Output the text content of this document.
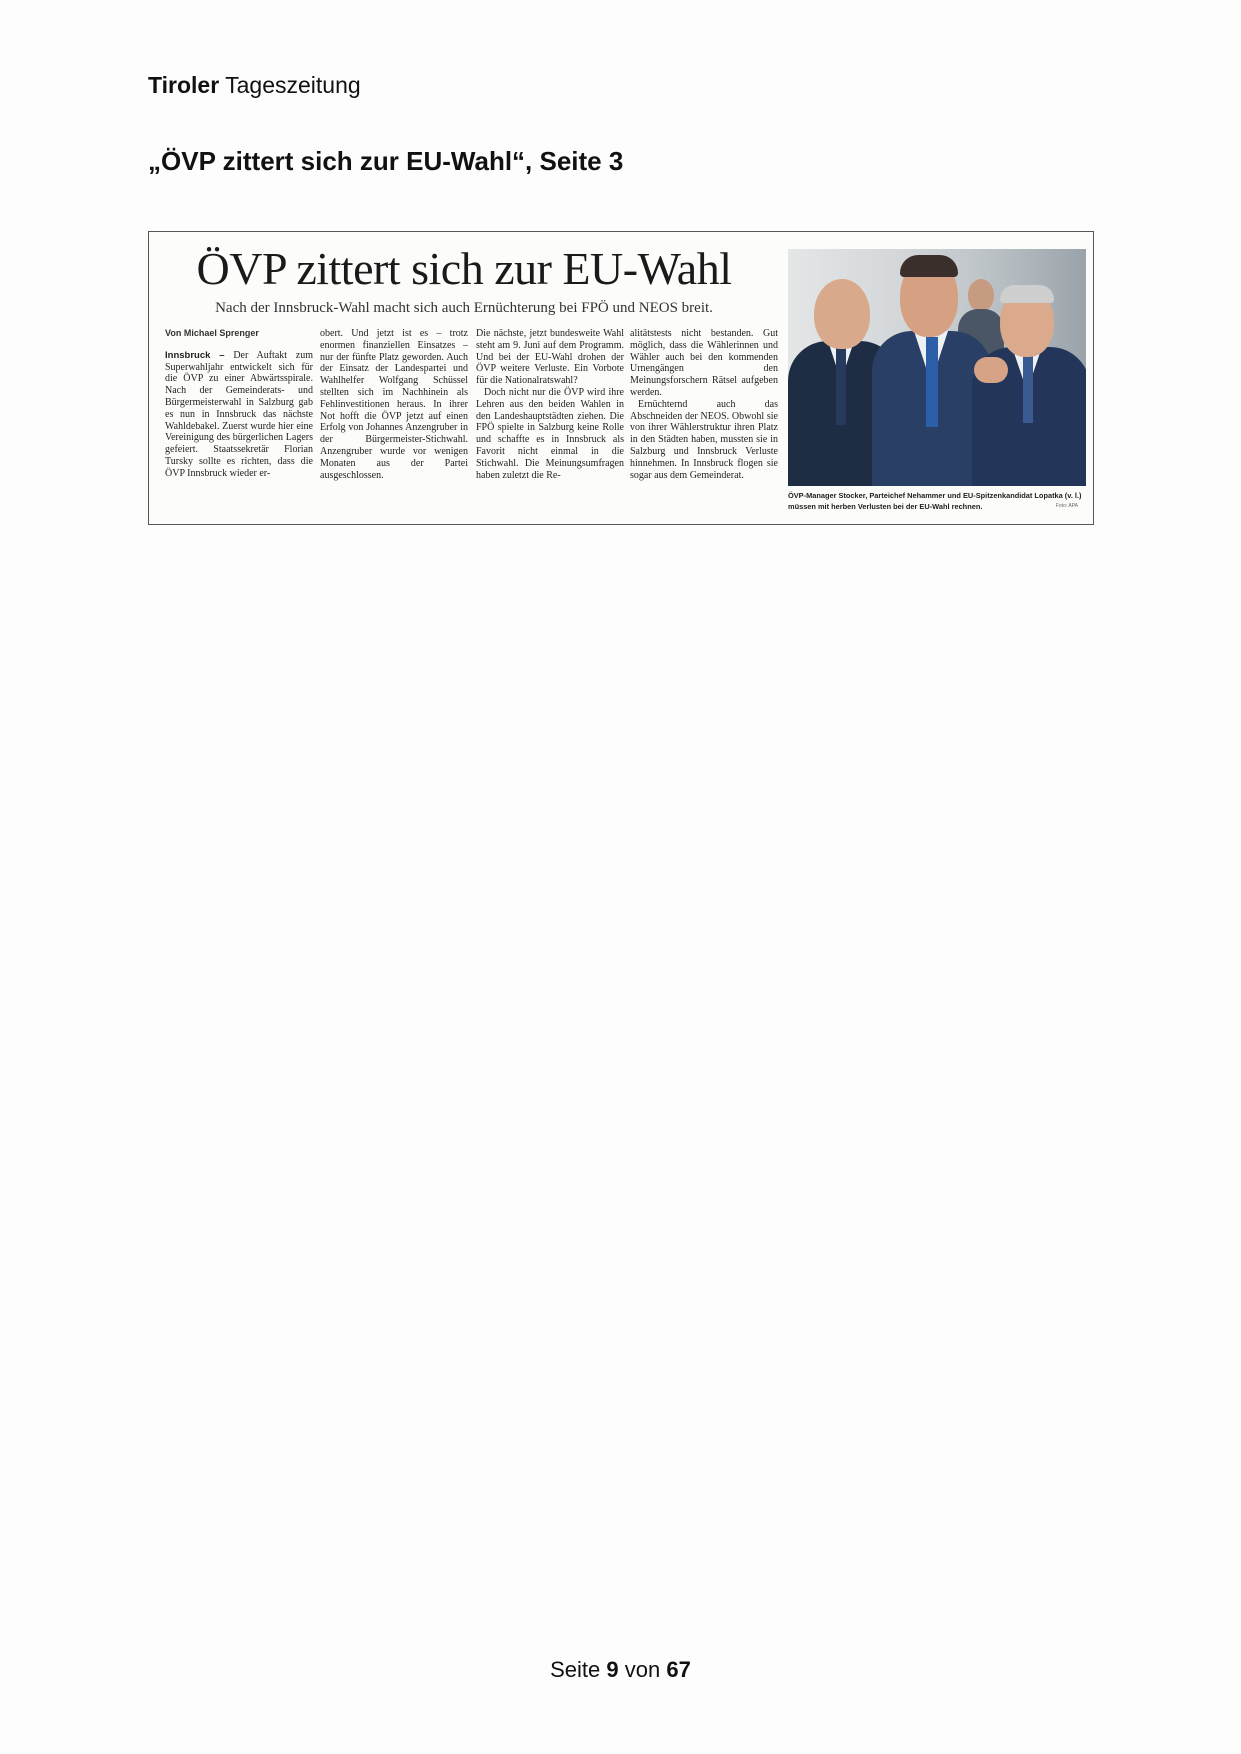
Tiroler Tageszeitung
„ÖVP zittert sich zur EU-Wahl“, Seite 3
ÖVP zittert sich zur EU-Wahl
Nach der Innsbruck-Wahl macht sich auch Ernüchterung bei FPÖ und NEOS breit.
Von Michael Sprenger
Innsbruck – Der Auftakt zum Superwahljahr entwickelt sich für die ÖVP zu einer Abwärtsspirale. Nach der Gemeinderats- und Bürgermeisterwahl in Salzburg gab es nun in Innsbruck das nächste Wahldebakel. Zuerst wurde hier eine Vereinigung des bürgerlichen Lagers gefeiert. Staatssekretär Florian Tursky sollte es richten, dass die ÖVP Innsbruck wieder er-
obert. Und jetzt ist es – trotz enormen finanziellen Einsatzes – nur der fünfte Platz geworden. Auch der Einsatz der Landespartei und Wahlhelfer Wolfgang Schüssel stellten sich im Nachhinein als Fehlinvestitionen heraus. In ihrer Not hofft die ÖVP jetzt auf einen Erfolg von Johannes Anzengruber in der Bürgermeister-Stichwahl. Anzengruber wurde vor wenigen Monaten aus der Partei ausgeschlossen.
Die nächste, jetzt bundesweite Wahl steht am 9. Juni auf dem Programm. Und bei der EU-Wahl drohen der ÖVP weitere Verluste. Ein Vorbote für die Nationalratswahl?
Doch nicht nur die ÖVP wird ihre Lehren aus den beiden Wahlen in den Landeshauptstädten ziehen. Die FPÖ spielte in Salzburg keine Rolle und schaffte es in Innsbruck als Favorit nicht einmal in die Stichwahl. Die Meinungsumfragen haben zuletzt die Re-
alitätstests nicht bestanden. Gut möglich, dass die Wählerinnen und Wähler auch bei den kommenden Urnengängen den Meinungsforschern Rätsel aufgeben werden.
Ernüchternd auch das Abschneiden der NEOS. Obwohl sie von ihrer Wählerstruktur ihren Platz in den Städten haben, mussten sie in Salzburg und Innsbruck Verluste hinnehmen. In Innsbruck flogen sie sogar aus dem Gemeinderat.
ÖVP-Manager Stocker, Parteichef Nehammer und EU-Spitzenkandidat Lopatka (v. l.) müssen mit herben Verlusten bei der EU-Wahl rechnen.	Foto: APA
Seite 9 von 67
